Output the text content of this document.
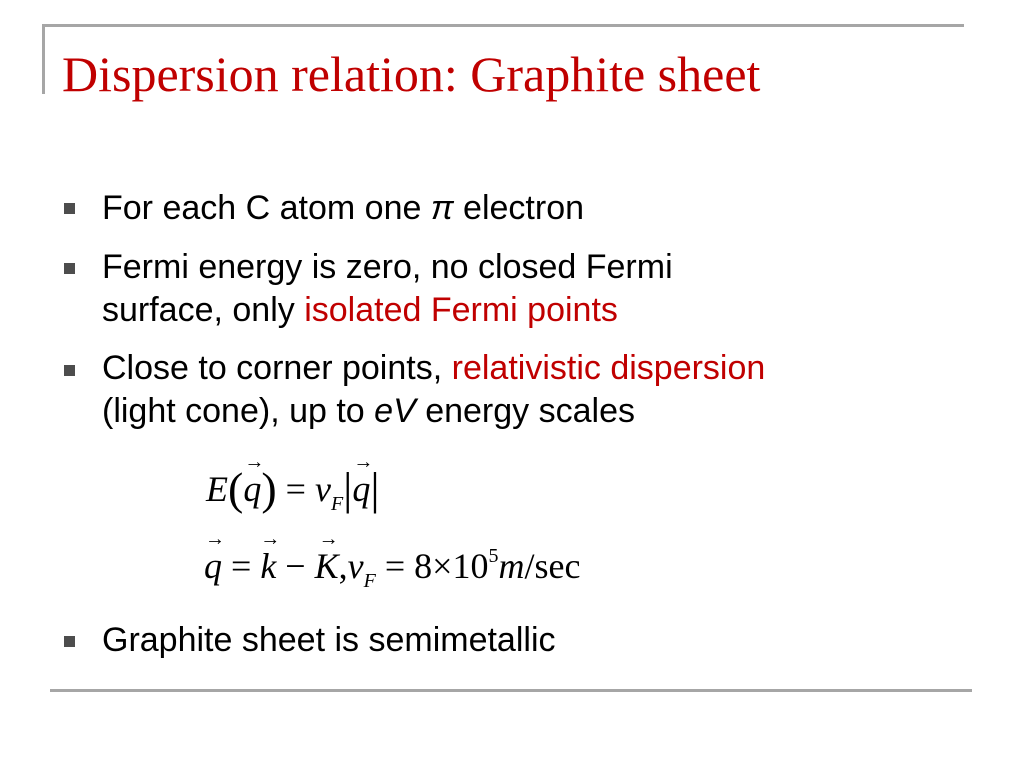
Dispersion relation: Graphite sheet
For each C atom one π electron
Fermi energy is zero, no closed Fermi
surface, only isolated Fermi points
Close to corner points, relativistic dispersion
(light cone), up to eV energy scales
E(q
→
) = $v_F|q$
→
|
q
→
= k
→
− K
→
$,v_F = 8\times 10^5m/\sec$
Graphite sheet is semimetallic
